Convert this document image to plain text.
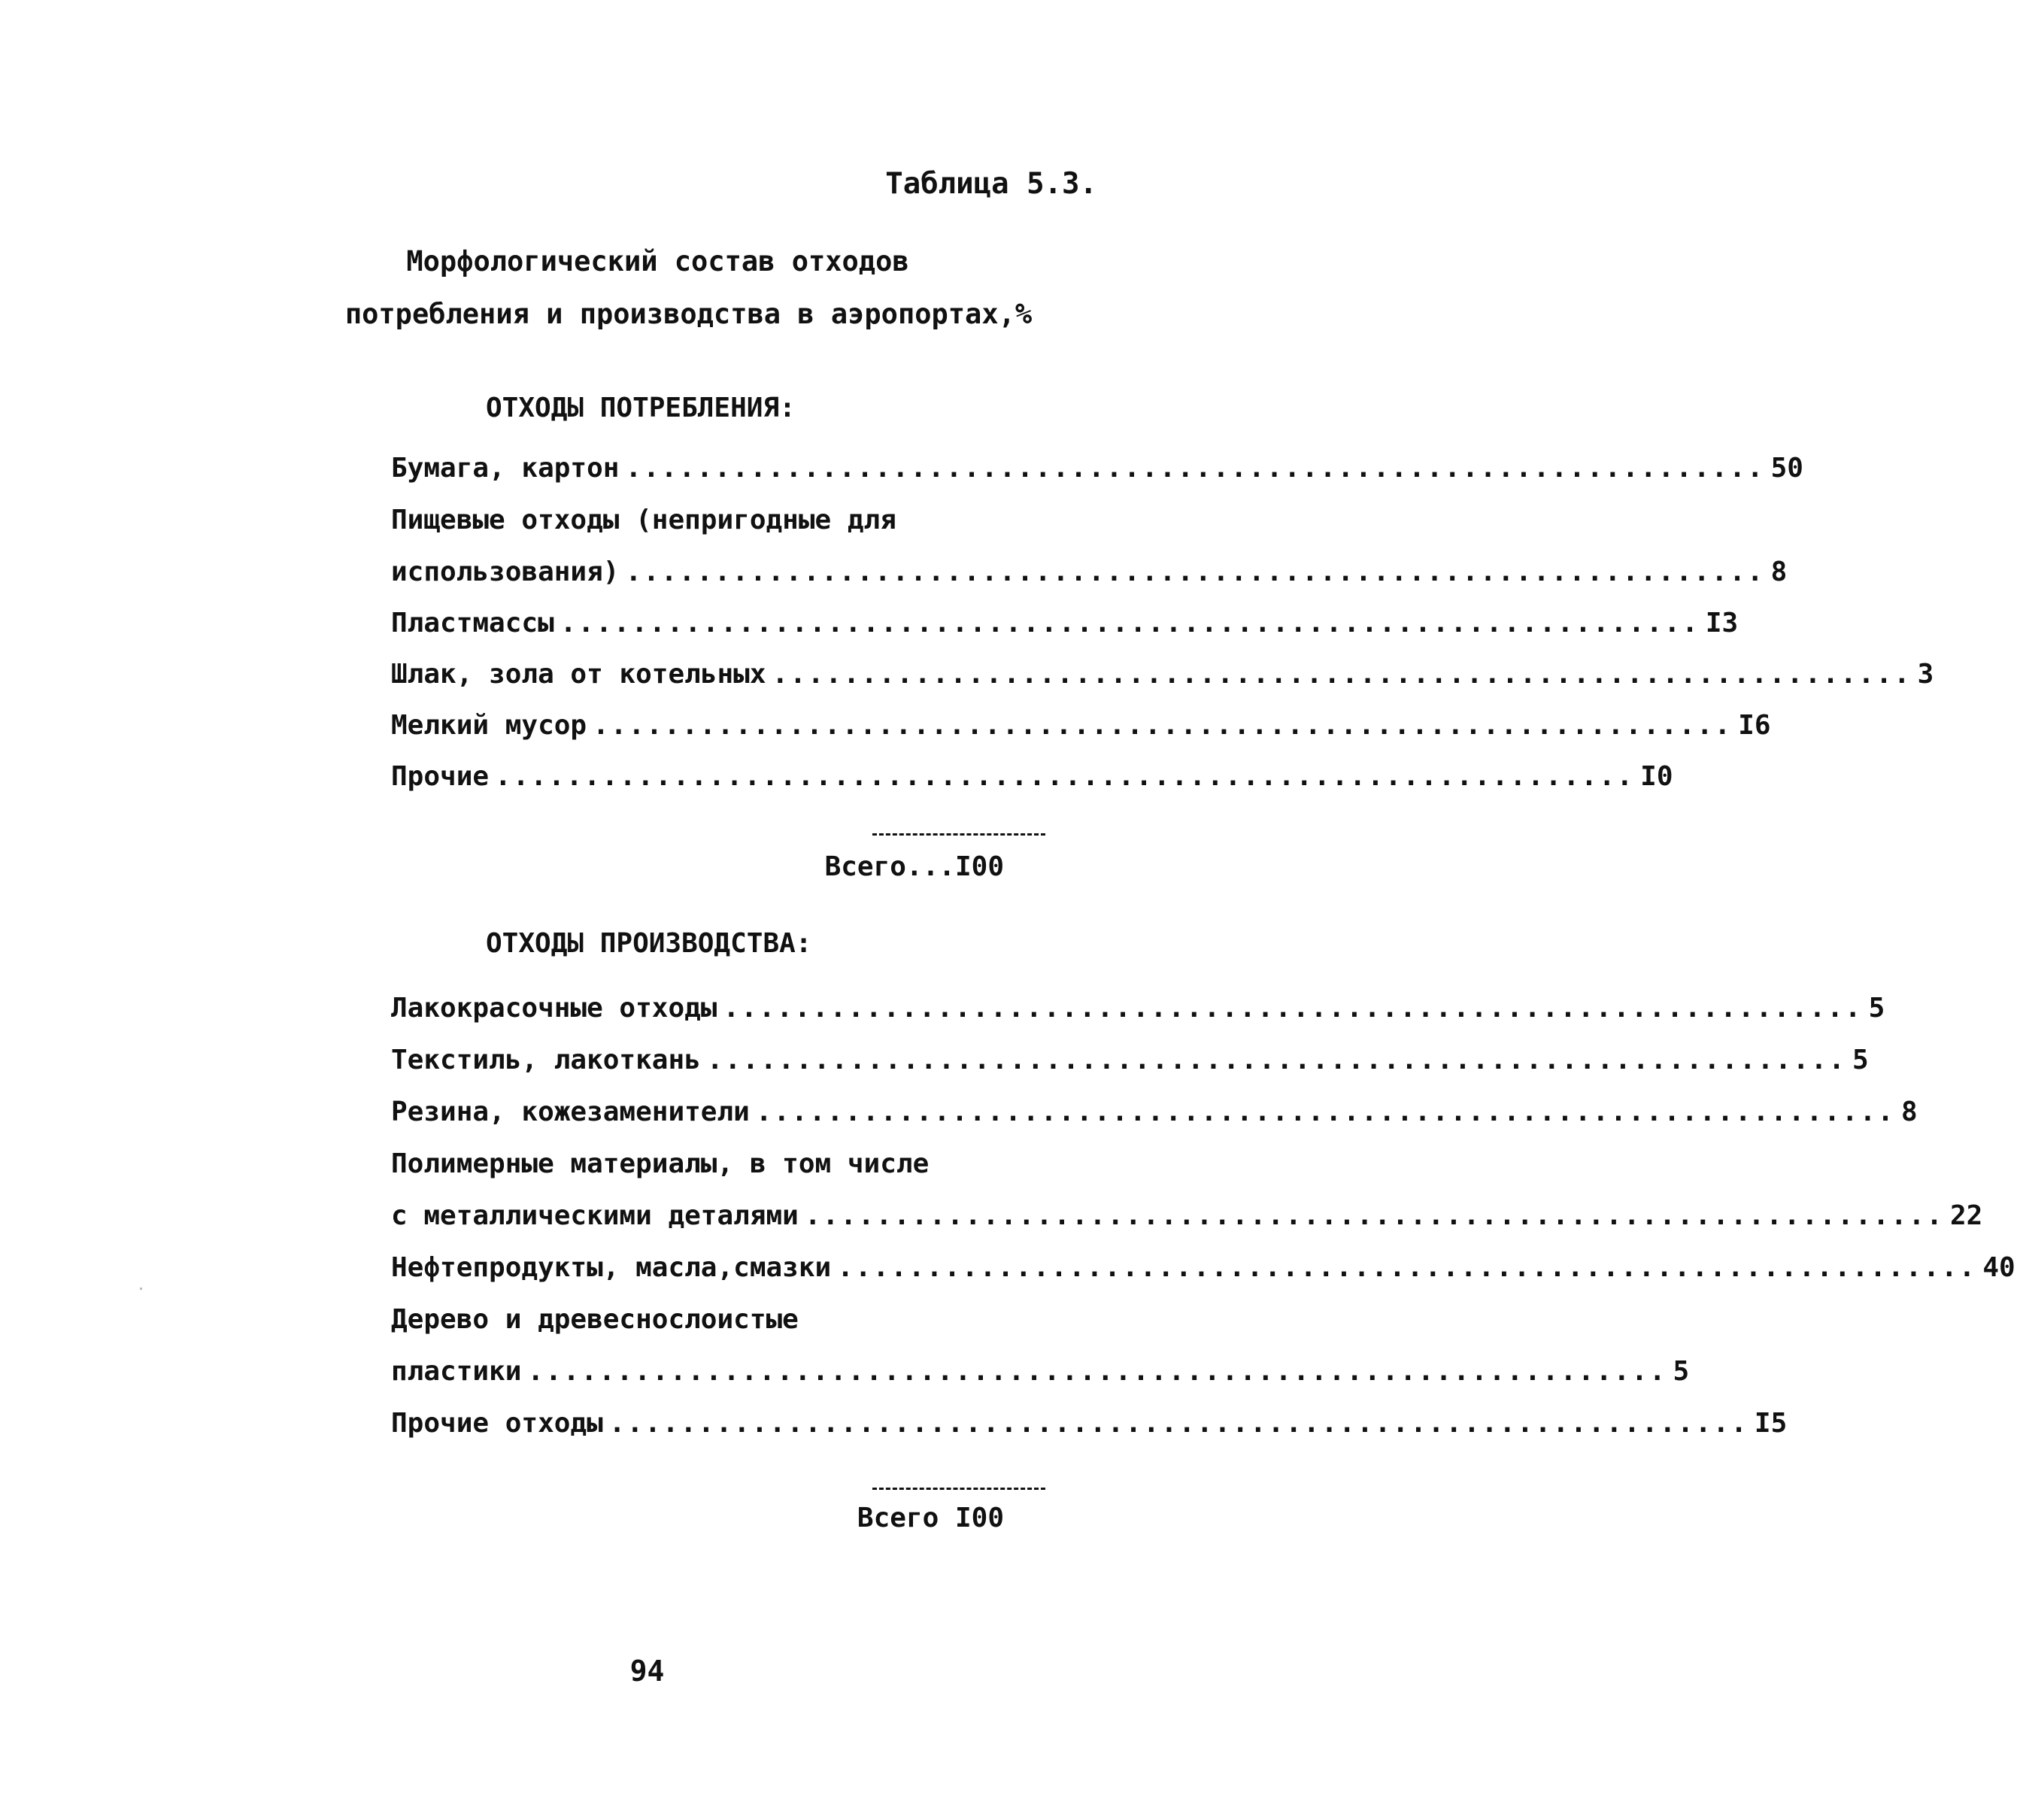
Таблица 5.3.
Морфологический состав отходов
потребления и производства в аэропортах,%
ОТХОДЫ ПОТРЕБЛЕНИЯ:
Бумага, картон ................................................................ 50
Пищевые отходы (непригодные для
использования) ................................................................ 8
Пластмассы ................................................................ I3
Шлак, зола от котельных ................................................................ 3
Мелкий мусор ................................................................ I6
Прочие ................................................................ I0
Всего...I00
ОТХОДЫ ПРОИЗВОДСТВА:
Лакокрасочные отходы ................................................................ 5
Текстиль, лакоткань ................................................................ 5
Резина, кожезаменители ................................................................ 8
Полимерные материалы, в том числе
с металлическими деталями ................................................................ 22
Нефтепродукты, масла,смазки ................................................................ 40
Дерево и древеснослоистые
пластики ................................................................ 5
Прочие отходы ................................................................ I5
Всего I00
94
